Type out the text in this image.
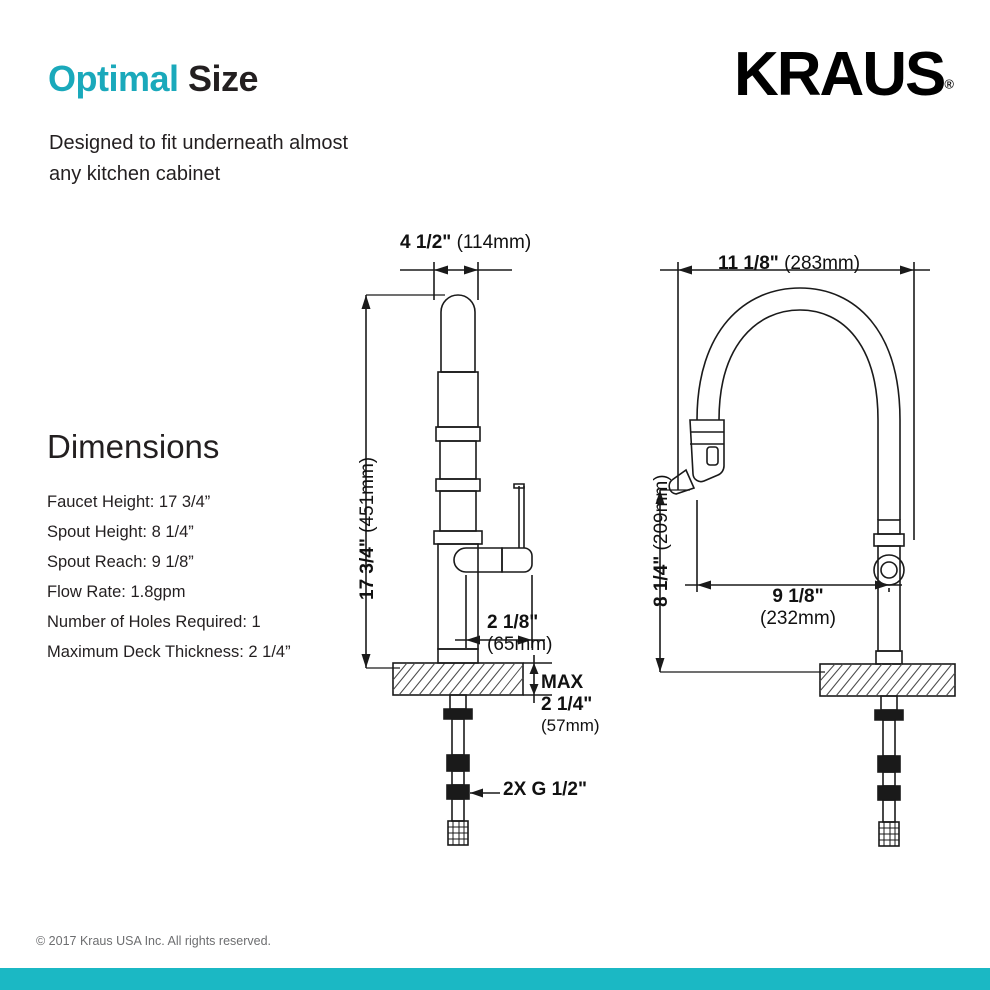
Optimal Size
Designed to fit underneath almost any kitchen cabinet
KRAUS®
Dimensions
Faucet Height: 17 3/4”
Spout Height: 8 1/4”
Spout Reach: 9 1/8”
Flow Rate: 1.8gpm
Number of Holes Required: 1
Maximum Deck Thickness: 2 1/4”
4 1/2" (114mm)
17 3/4" (451mm)
2 1/8"
(65mm)
MAX
2 1/4"
(57mm)
2X G 1/2"
11 1/8" (283mm)
8 1/4" (209mm)
9 1/8"
(232mm)
© 2017 Kraus USA Inc. All rights reserved.
